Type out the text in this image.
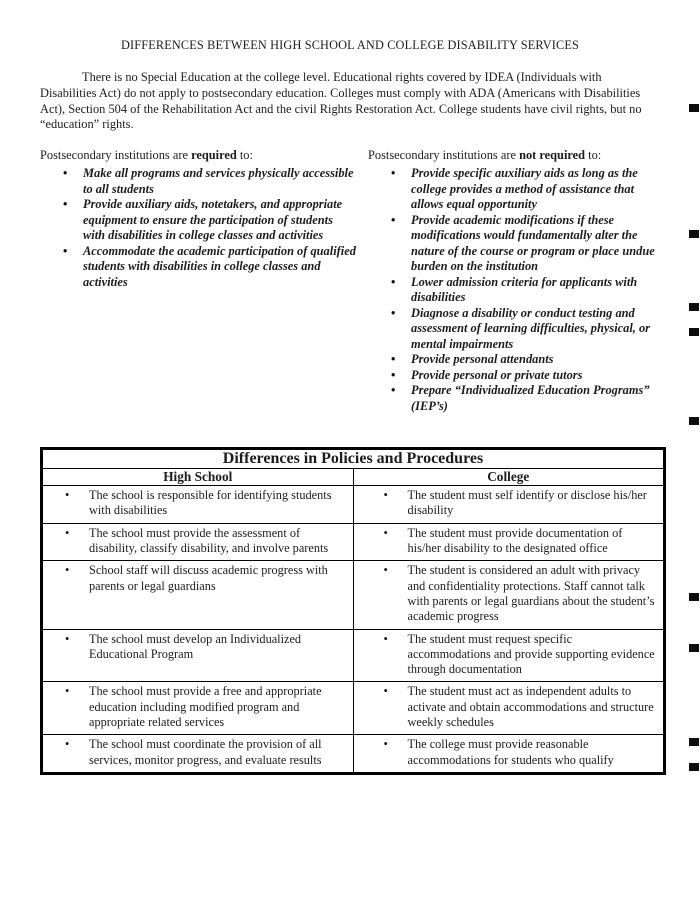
DIFFERENCES BETWEEN HIGH SCHOOL AND COLLEGE DISABILITY SERVICES

There is no Special Education at the college level. Educational rights covered by IDEA (Individuals with Disabilities Act) do not apply to postsecondary education. Colleges must comply with ADA (Americans with Disabilities Act), Section 504 of the Rehabilitation Act and the civil Rights Restoration Act. College students have civil rights, but no “education” rights.

Postsecondary institutions are required to:
•	Make all programs and services physically accessible to all students
•	Provide auxiliary aids, notetakers, and appropriate equipment to ensure the participation of students with disabilities in college classes and activities
•	Accommodate the academic participation of qualified students with disabilities in college classes and activities
Postsecondary institutions are not required to:
•	Provide specific auxiliary aids as long as the college provides a method of assistance that allows equal opportunity
•	Provide academic modifications if these modifications would fundamentally alter the nature of the course or program or place undue burden on the institution
•	Lower admission criteria for applicants with disabilities
•	Diagnose a disability or conduct testing and assessment of learning difficulties, physical, or mental impairments
•	Provide personal attendants
•	Provide personal or private tutors
•	Prepare “Individualized Education Programs” (IEP’s)
Differences in Policies and Procedures	
High School	College

• The school is responsible for identifying students with disabilities	• The student must self identify or disclose his/her disability

• The school must provide the assessment of disability, classify disability, and involve parents	• The student must provide documentation of his/her disability to the designated office

• School staff will discuss academic progress with parents or legal guardians	• The student is considered an adult with privacy and confidentiality protections. Staff cannot talk with parents or legal guardians about the student’s academic progress

• The school must develop an Individualized Educational Program	• The student must request specific accommodations and provide supporting evidence through documentation

• The school must provide a free and appropriate education including modified program and appropriate related services	• The student must act as independent adults to activate and obtain accommodations and structure weekly schedules

• The school must coordinate the provision of all services, monitor progress, and evaluate results	• The college must provide reasonable accommodations for students who qualify
